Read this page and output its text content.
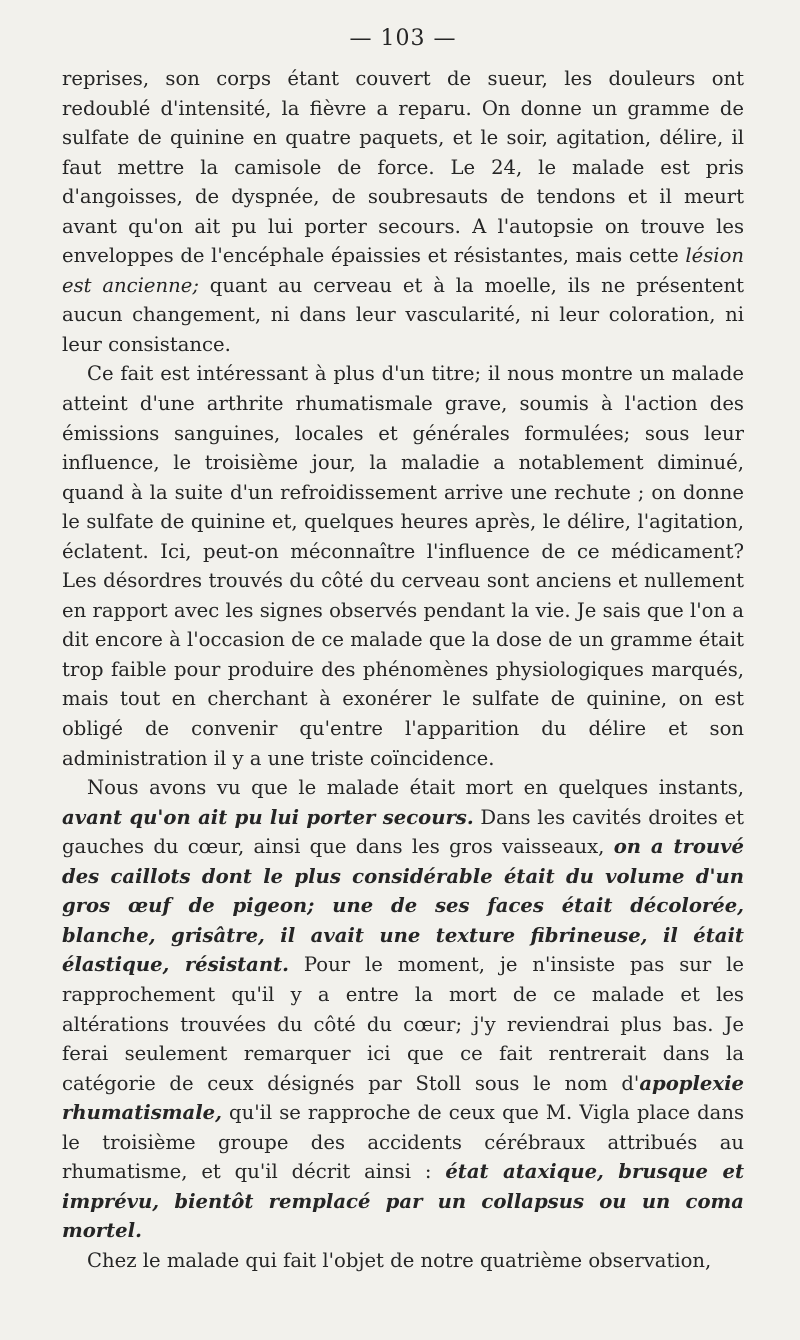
— 103 —

reprises, son corps étant couvert de sueur, les douleurs ont redoublé d'intensité, la fièvre a reparu. On donne un gramme de sulfate de quinine en quatre paquets, et le soir, agitation, délire, il faut mettre la camisole de force. Le 24, le malade est pris d'angoisses, de dyspnée, de soubresauts de tendons et il meurt avant qu'on ait pu lui porter secours. A l'autopsie on trouve les enveloppes de l'encéphale épaissies et résistantes, mais cette lésion est ancienne; quant au cerveau et à la moelle, ils ne présentent aucun changement, ni dans leur vascularité, ni leur coloration, ni leur consistance.

Ce fait est intéressant à plus d'un titre; il nous montre un malade atteint d'une arthrite rhumatismale grave, soumis à l'action des émissions sanguines, locales et générales formulées; sous leur influence, le troisième jour, la maladie a notablement diminué, quand à la suite d'un refroidissement arrive une rechute ; on donne le sulfate de quinine et, quelques heures après, le délire, l'agitation, éclatent. Ici, peut-on méconnaître l'influence de ce médicament? Les désordres trouvés du côté du cerveau sont anciens et nullement en rapport avec les signes observés pendant la vie. Je sais que l'on a dit encore à l'occasion de ce malade que la dose de un gramme était trop faible pour produire des phénomènes physiologiques marqués, mais tout en cherchant à exonérer le sulfate de quinine, on est obligé de convenir qu'entre l'apparition du délire et son administration il y a une triste coïncidence.

Nous avons vu que le malade était mort en quelques instants, avant qu'on ait pu lui porter secours. Dans les cavités droites et gauches du cœur, ainsi que dans les gros vaisseaux, on a trouvé des caillots dont le plus considérable était du volume d'un gros œuf de pigeon; une de ses faces était décolorée, blanche, grisâtre, il avait une texture fibrineuse, il était élastique, résistant. Pour le moment, je n'insiste pas sur le rapprochement qu'il y a entre la mort de ce malade et les altérations trouvées du côté du cœur; j'y reviendrai plus bas. Je ferai seulement remarquer ici que ce fait rentrerait dans la catégorie de ceux désignés par Stoll sous le nom d'apoplexie rhumatismale, qu'il se rapproche de ceux que M. Vigla place dans le troisième groupe des accidents cérébraux attribués au rhumatisme, et qu'il décrit ainsi : état ataxique, brusque et imprévu, bientôt remplacé par un collapsus ou un coma mortel.

Chez le malade qui fait l'objet de notre quatrième observation,
